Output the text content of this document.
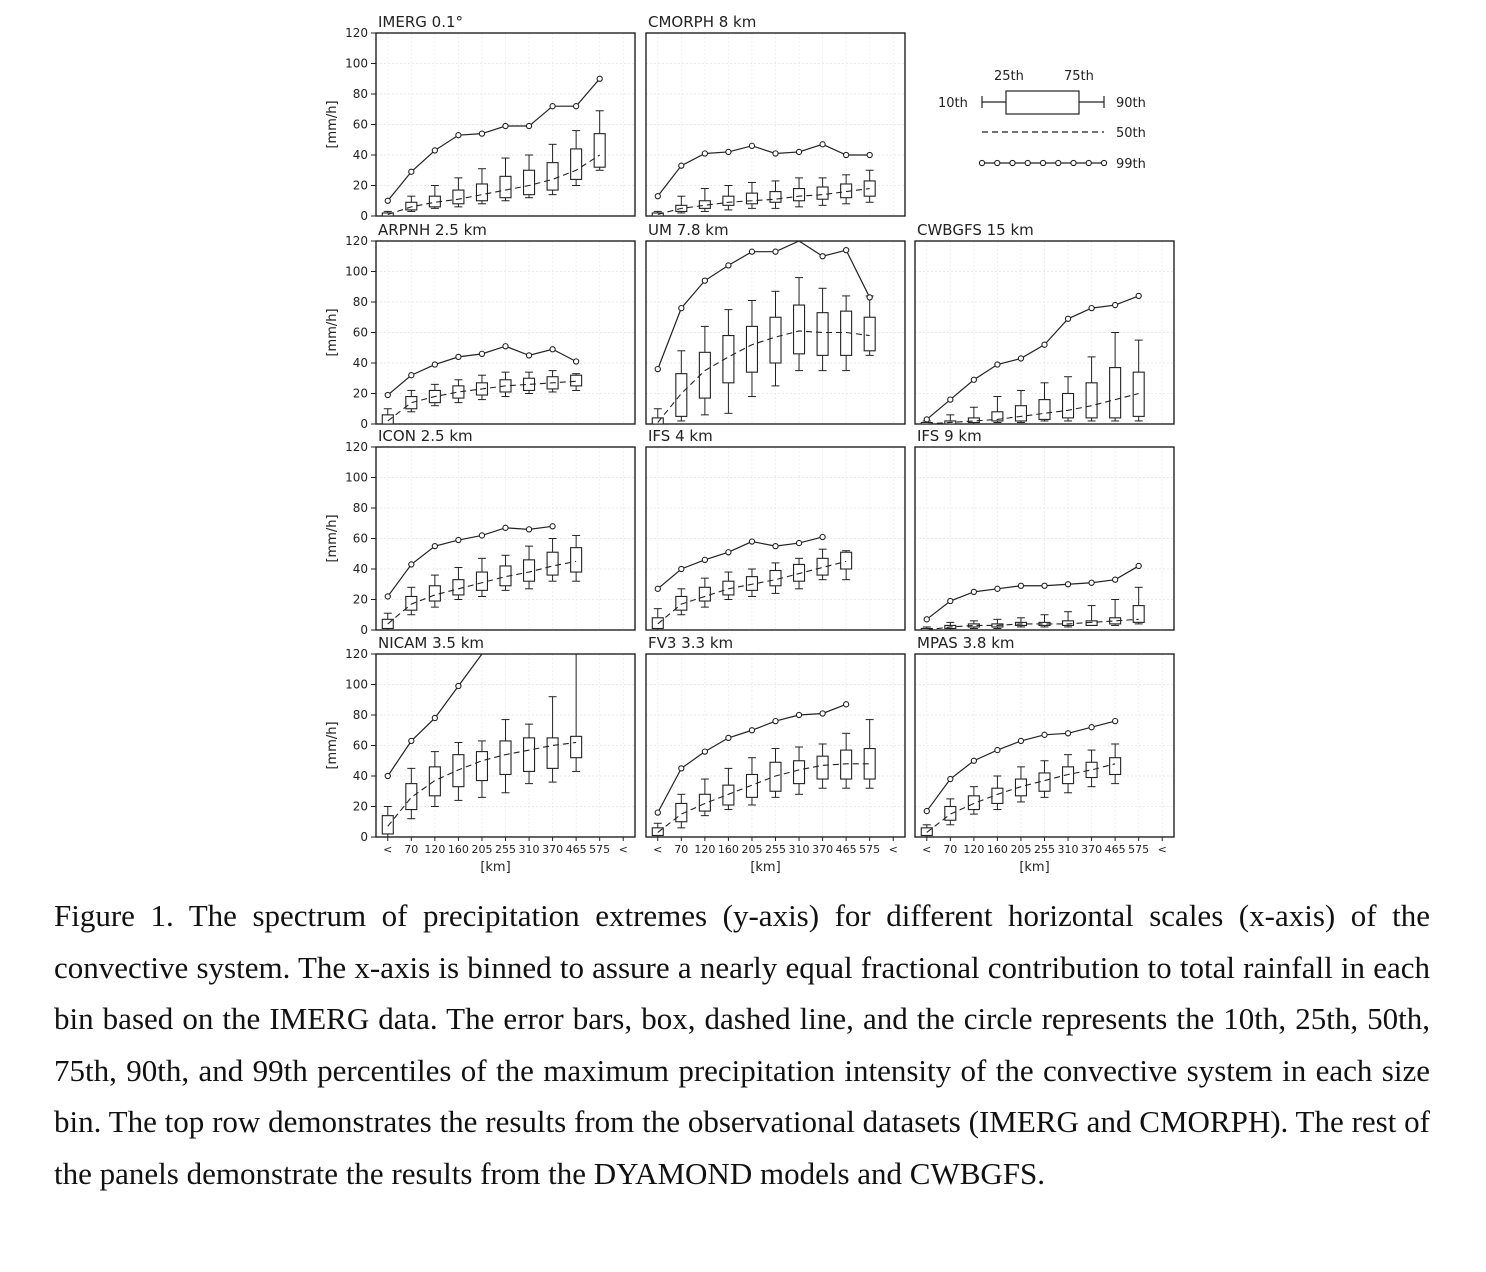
25th	75th
10th	90th
50th
99th
IMERG 0.1°
0
20
40
60
80
100
120
[mm/h]
CMORPH 8 km
ARPNH 2.5 km
0
20
40
60
80
100
120
[mm/h]
UM 7.8 km	CWBGFS 15 km
ICON 2.5 km
0
20
40
60
80
100
120
[mm/h]
IFS 4 km	IFS 9 km
NICAM 3.5 km
0
20
40
60
80
100
120
[mm/h]
< 70 120 160 205 255 310 370 465 575 <
[km]
FV3 3.3 km
< 70 120 160 205 255 310 370 465 575 <
[km]
MPAS 3.8 km
< 70 120 160 205 255 310 370 465 575 <
[km]

Figure 1. The spectrum of precipitation extremes (y-axis) for different horizontal scales (x-axis) of the convective system. The x-axis is binned to assure a nearly equal fractional contribution to total rainfall in each bin based on the IMERG data. The error bars, box, dashed line, and the circle represents the 10th, 25th, 50th, 75th, 90th, and 99th percentiles of the maximum precipitation intensity of the convective system in each size bin. The top row demonstrates the results from the observational datasets (IMERG and CMORPH). The rest of the panels demonstrate the results from the DYAMOND models and CWBGFS.
